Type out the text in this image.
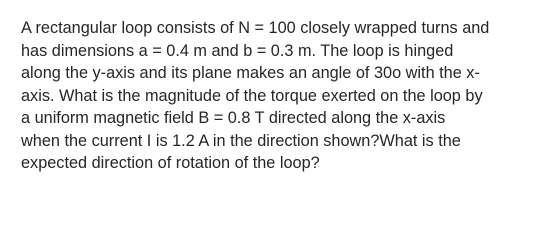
A rectangular loop consists of N = 100 closely wrapped turns and
has dimensions a = 0.4 m and b = 0.3 m. The loop is hinged
along the y-axis and its plane makes an angle of 30o with the x-
axis. What is the magnitude of the torque exerted on the loop by
a uniform magnetic field B = 0.8 T directed along the x-axis
when the current I is 1.2 A in the direction shown?What is the
expected direction of rotation of the loop?
